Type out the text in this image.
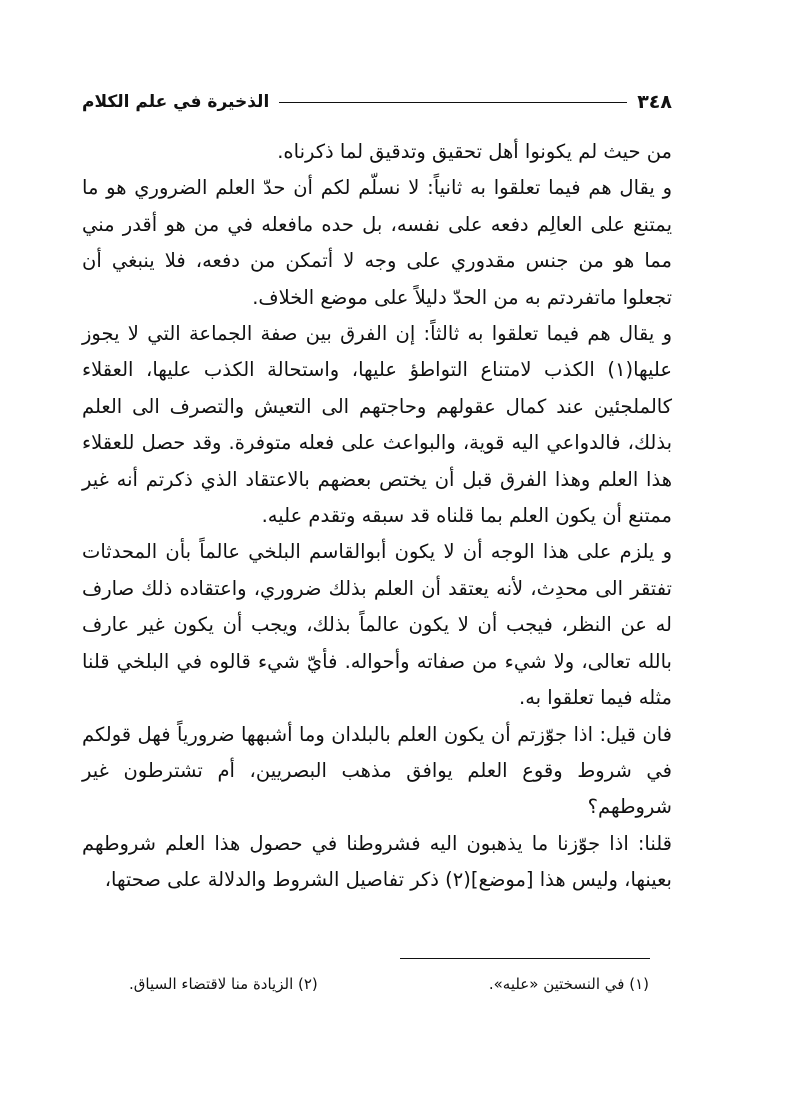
٣٤٨
الذخيرة في علم الكلام

من حيث لم يكونوا أهل تحقيق وتدقيق لما ذكرناه.

و يقال هم فيما تعلقوا به ثانياً: لا نسلّم لكم أن حدّ العلم الضروري هو ما يمتنع على العالِم دفعه على نفسه، بل حده مافعله في من هو أقدر مني مما هو من جنس مقدوري على وجه لا أتمكن من دفعه، فلا ينبغي أن تجعلوا ماتفردتم به من الحدّ دليلاً على موضع الخلاف.

و يقال هم فيما تعلقوا به ثالثاً: إن الفرق بين صفة الجماعة التي لا يجوز عليها(١) الكذب لامتناع التواطؤ عليها، واستحالة الكذب عليها، العقلاء كالملجئين عند كمال عقولهم وحاجتهم الى التعيش والتصرف الى العلم بذلك، فالدواعي اليه قوية، والبواعث على فعله متوفرة. وقد حصل للعقلاء هذا العلم وهذا الفرق قبل أن يختص بعضهم بالاعتقاد الذي ذكرتم أنه غير ممتنع أن يكون العلم بما قلناه قد سبقه وتقدم عليه.

و يلزم على هذا الوجه أن لا يكون أبوالقاسم البلخي عالماً بأن المحدثات تفتقر الى محدِث، لأنه يعتقد أن العلم بذلك ضروري، واعتقاده ذلك صارف له عن النظر، فيجب أن لا يكون عالماً بذلك، ويجب أن يكون غير عارف بالله تعالى، ولا شيء من صفاته وأحواله. فأيّ شيء قالوه في البلخي قلنا مثله فيما تعلقوا به.

فان قيل: اذا جوّزتم أن يكون العلم بالبلدان وما أشبهها ضرورياً فهل قولكم في شروط وقوع العلم يوافق مذهب البصريين، أم تشترطون غير شروطهم؟

قلنا: اذا جوّزنا ما يذهبون اليه فشروطنا في حصول هذا العلم شروطهم بعينها، وليس هذا [موضع](٢) ذكر تفاصيل الشروط والدلالة على صحتها،

(١) في النسختين «عليه».
(٢) الزيادة منا لاقتضاء السياق.
